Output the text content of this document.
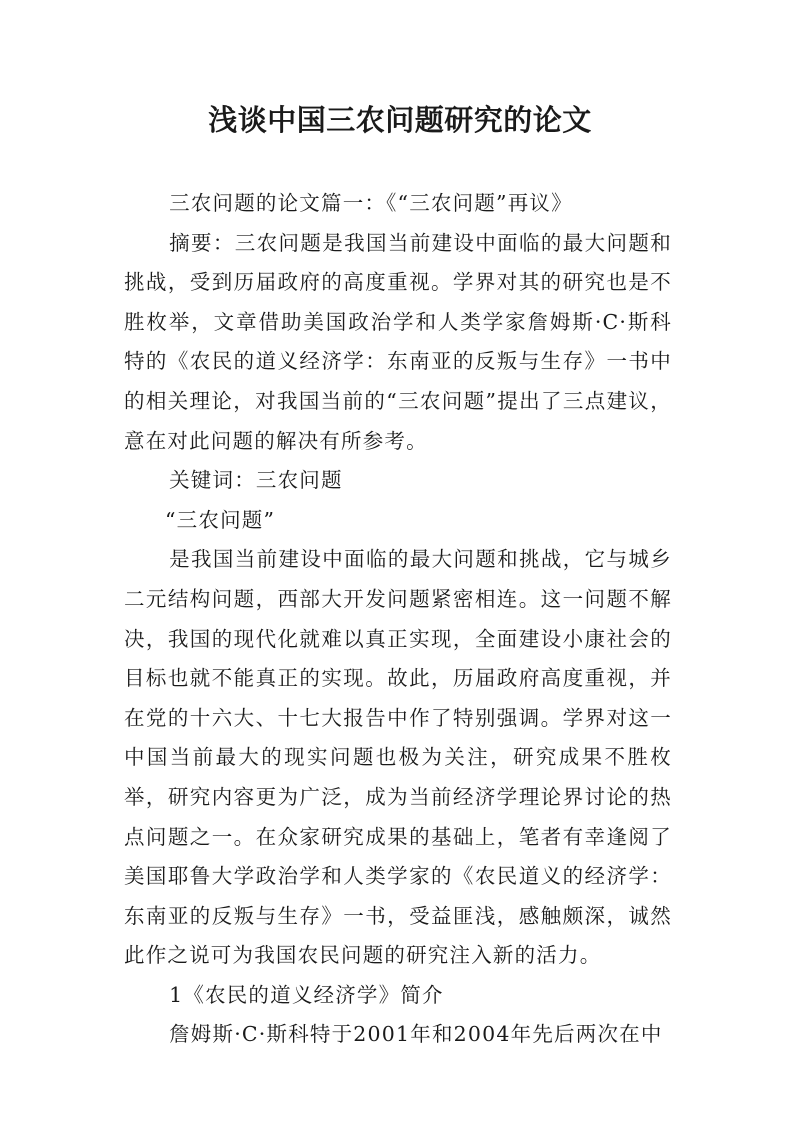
浅谈中国三农问题研究的论文

三农问题的论文篇一：《“三农问题”再议》

摘要：三农问题是我国当前建设中面临的最大问题和挑战，受到历届政府的高度重视。学界对其的研究也是不胜枚举，文章借助美国政治学和人类学家詹姆斯·C·斯科特的《农民的道义经济学：东南亚的反叛与生存》一书中的相关理论，对我国当前的“三农问题”提出了三点建议，意在对此问题的解决有所参考。

关键词：三农问题

“三农问题”

是我国当前建设中面临的最大问题和挑战，它与城乡二元结构问题，西部大开发问题紧密相连。这一问题不解决，我国的现代化就难以真正实现，全面建设小康社会的目标也就不能真正的实现。故此，历届政府高度重视，并在党的十六大、十七大报告中作了特别强调。学界对这一中国当前最大的现实问题也极为关注，研究成果不胜枚举，研究内容更为广泛，成为当前经济学理论界讨论的热点问题之一。在众家研究成果的基础上，笔者有幸逢阅了美国耶鲁大学政治学和人类学家的《农民道义的经济学：东南亚的反叛与生存》一书，受益匪浅，感触颇深，诚然此作之说可为我国农民问题的研究注入新的活力。

1《农民的道义经济学》简介

詹姆斯·C·斯科特于2001年和2004年先后两次在中
